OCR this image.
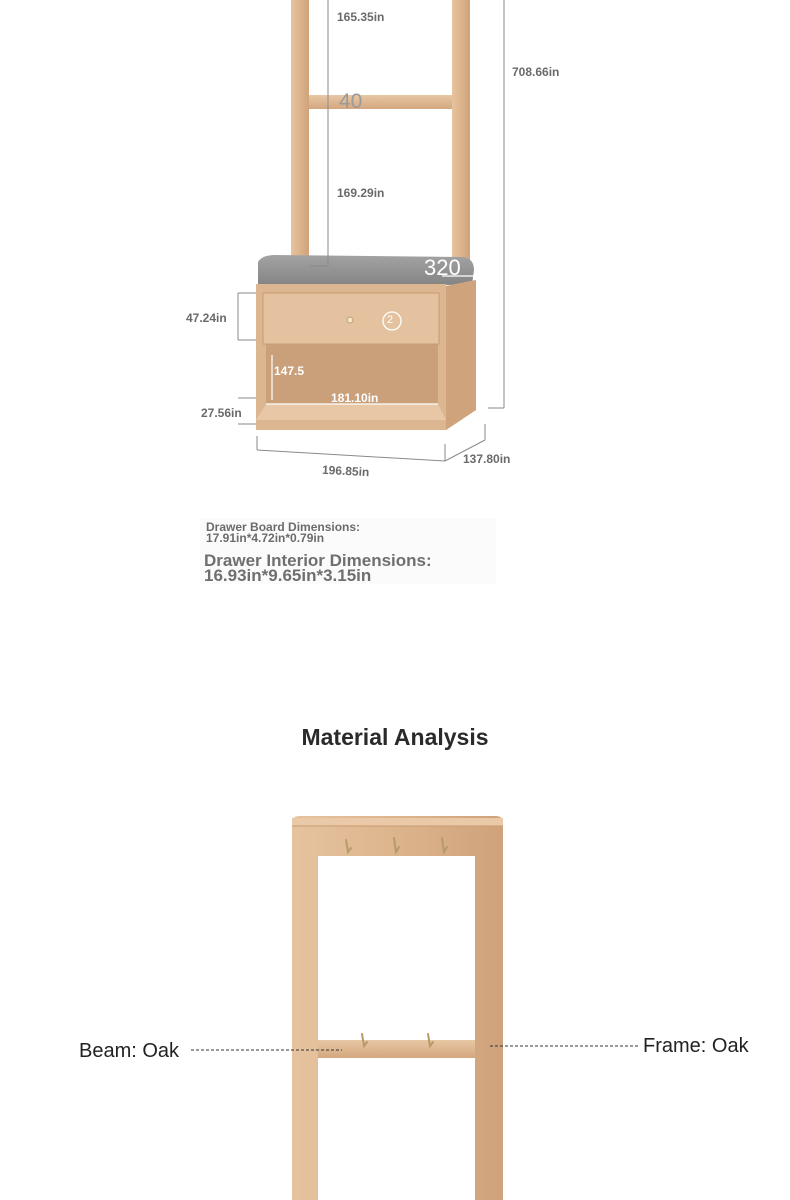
165.35in
708.66in
40
169.29in
320
47.24in	2
147.5
181.10in
27.56in
196.85in
137.80in
Drawer Board Dimensions:
17.91in*4.72in*0.79in
Drawer Interior Dimensions:
16.93in*9.65in*3.15in
Material Analysis
Beam: Oak	Frame: Oak
